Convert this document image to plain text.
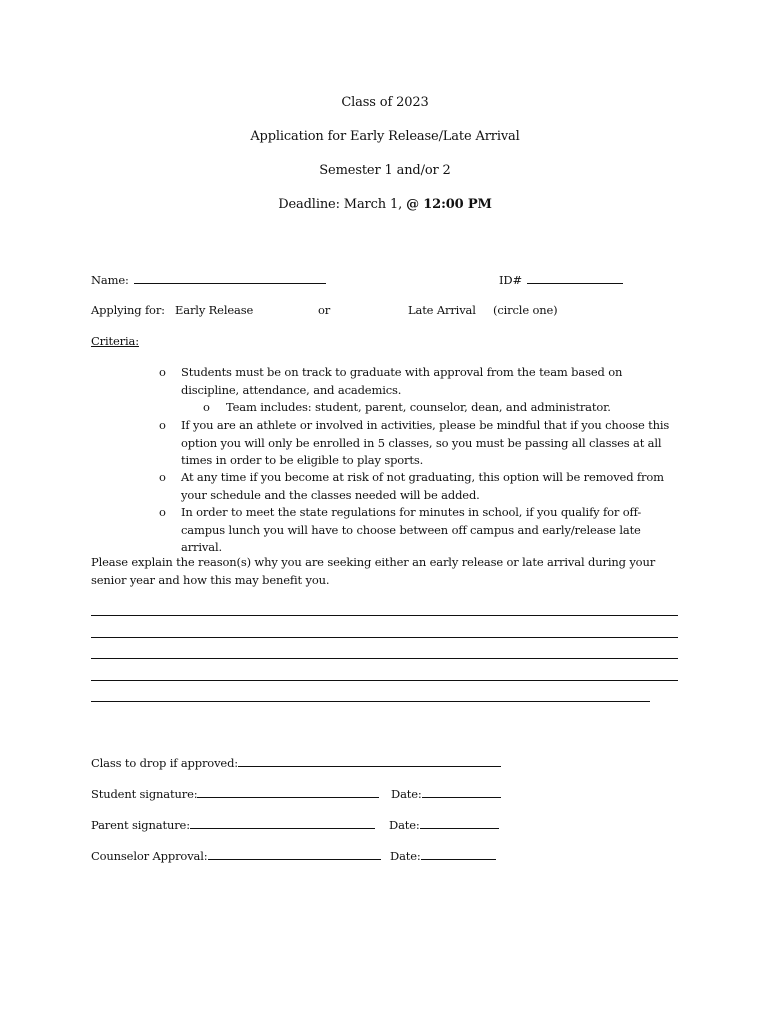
Class of 2023
Application for Early Release/Late Arrival
Semester 1 and/or 2
Deadline: March 1, @ 12:00 PM
Name:	ID#
Applying for: Early Release	or	Late Arrival (circle one)
Criteria:
o Students must be on track to graduate with approval from the team based on discipline, attendance, and academics.
o Team includes: student, parent, counselor, dean, and administrator.
o If you are an athlete or involved in activities, please be mindful that if you choose this option you will only be enrolled in 5 classes, so you must be passing all classes at all times in order to be eligible to play sports.
o At any time if you become at risk of not graduating, this option will be removed from your schedule and the classes needed will be added.
o In order to meet the state regulations for minutes in school, if you qualify for off-campus lunch you will have to choose between off campus and early/release late arrival.
Please explain the reason(s) why you are seeking either an early release or late arrival during your senior year and how this may benefit you.
Class to drop if approved:
Student signature:	Date:
Parent signature:	Date:
Counselor Approval:	Date:
